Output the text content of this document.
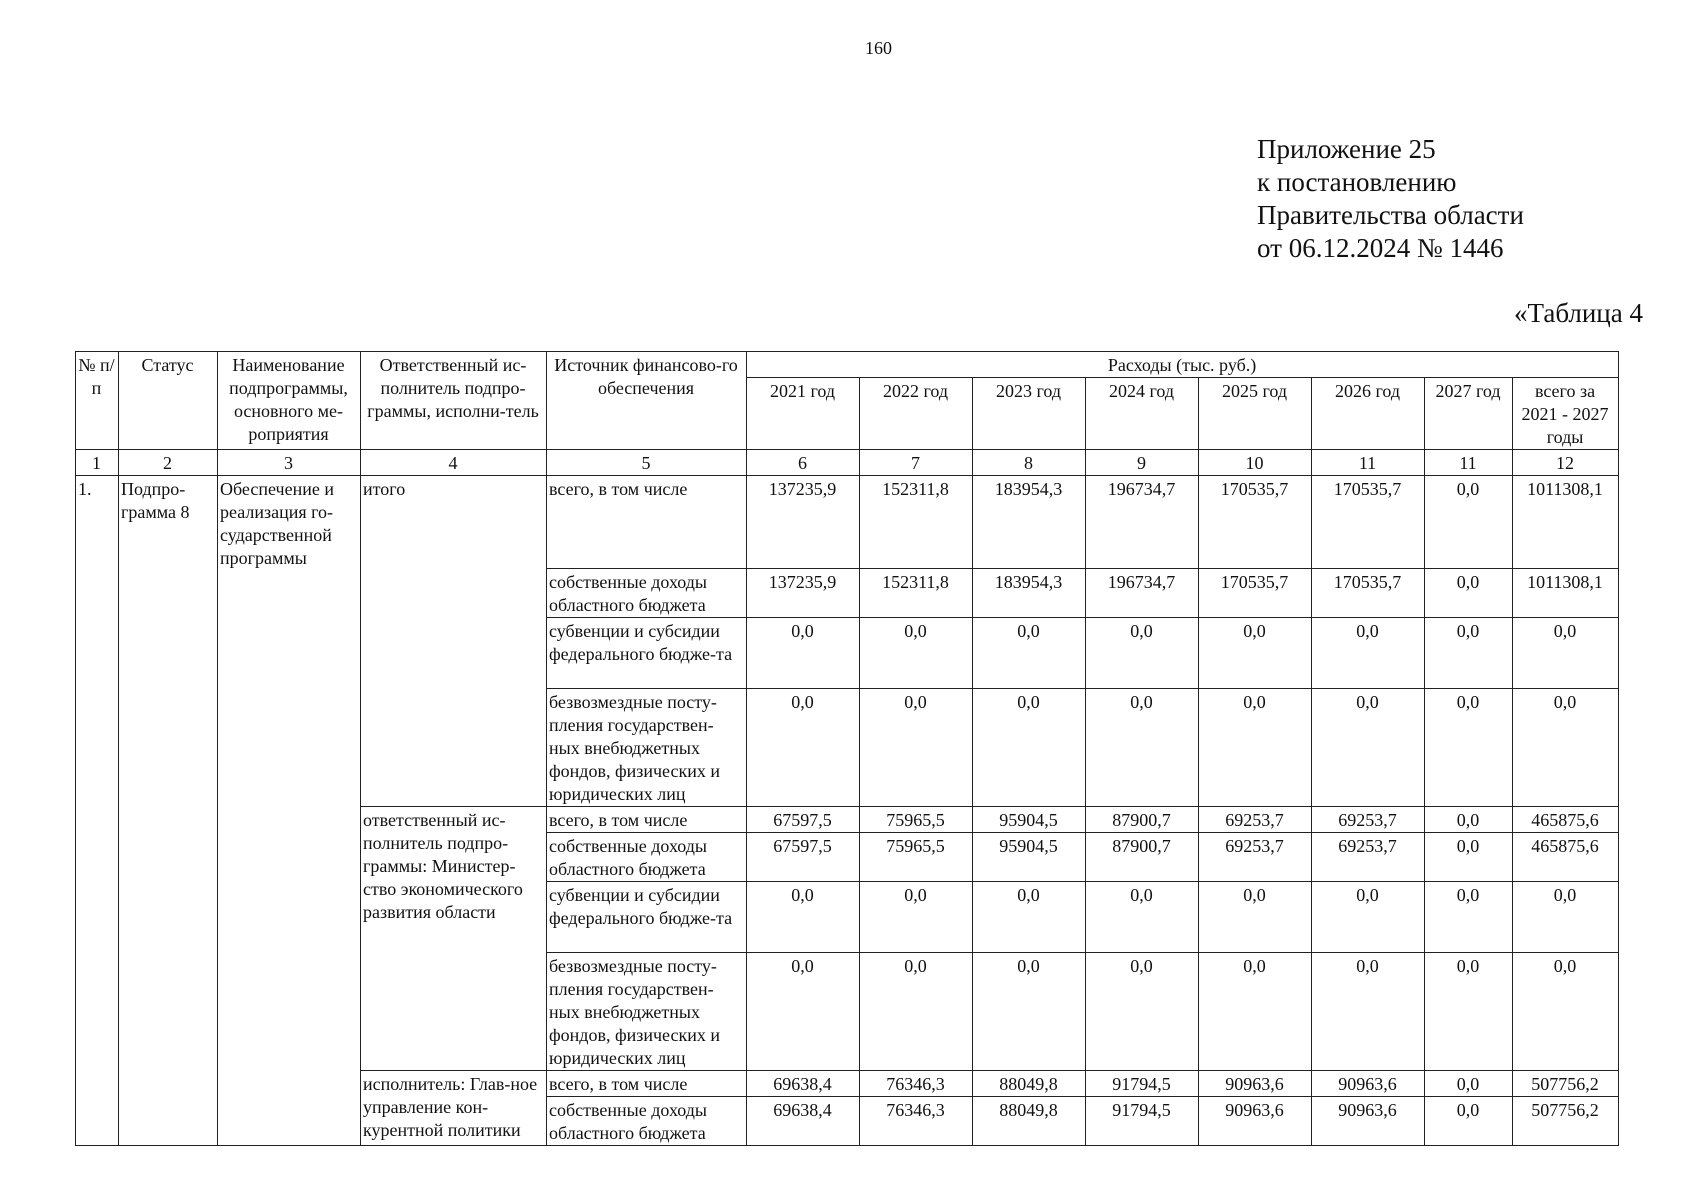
160
Приложение 25
к постановлению
Правительства области
от 06.12.2024 № 1446
«Таблица 4
№ п/п	Статус	Наименование подпрограммы, основного ме-роприятия	Ответственный ис-полнитель подпро-граммы, исполни-тель	Источник финансово-го обеспечения	Расходы (тыс. руб.)							
					2021 год	2022 год	2023 год	2024 год	2025 год	2026 год	2027 год	всего за 2021 - 2027 годы
1	2	3	4	5	6	7	8	9	10	11	11	12
1.	Подпро-грамма 8	Обеспечение и реализация го-сударственной программы	итого	всего, в том числе	137235,9	152311,8	183954,3	196734,7	170535,7	170535,7	0,0	1011308,1
				собственные доходы областного бюджета	137235,9	152311,8	183954,3	196734,7	170535,7	170535,7	0,0	1011308,1
				субвенции и субсидии федерального бюдже-та	0,0	0,0	0,0	0,0	0,0	0,0	0,0	0,0
				безвозмездные посту-пления государствен-ных внебюджетных фондов, физических и юридических лиц	0,0	0,0	0,0	0,0	0,0	0,0	0,0	0,0
			ответственный ис-полнитель подпро-граммы: Министер-ство экономического развития области	всего, в том числе	67597,5	75965,5	95904,5	87900,7	69253,7	69253,7	0,0	465875,6
				собственные доходы областного бюджета	67597,5	75965,5	95904,5	87900,7	69253,7	69253,7	0,0	465875,6
				субвенции и субсидии федерального бюдже-та	0,0	0,0	0,0	0,0	0,0	0,0	0,0	0,0
				безвозмездные посту-пления государствен-ных внебюджетных фондов, физических и юридических лиц	0,0	0,0	0,0	0,0	0,0	0,0	0,0	0,0
			исполнитель: Глав-ное управление кон-курентной политики	всего, в том числе	69638,4	76346,3	88049,8	91794,5	90963,6	90963,6	0,0	507756,2
				собственные доходы областного бюджета	69638,4	76346,3	88049,8	91794,5	90963,6	90963,6	0,0	507756,2
